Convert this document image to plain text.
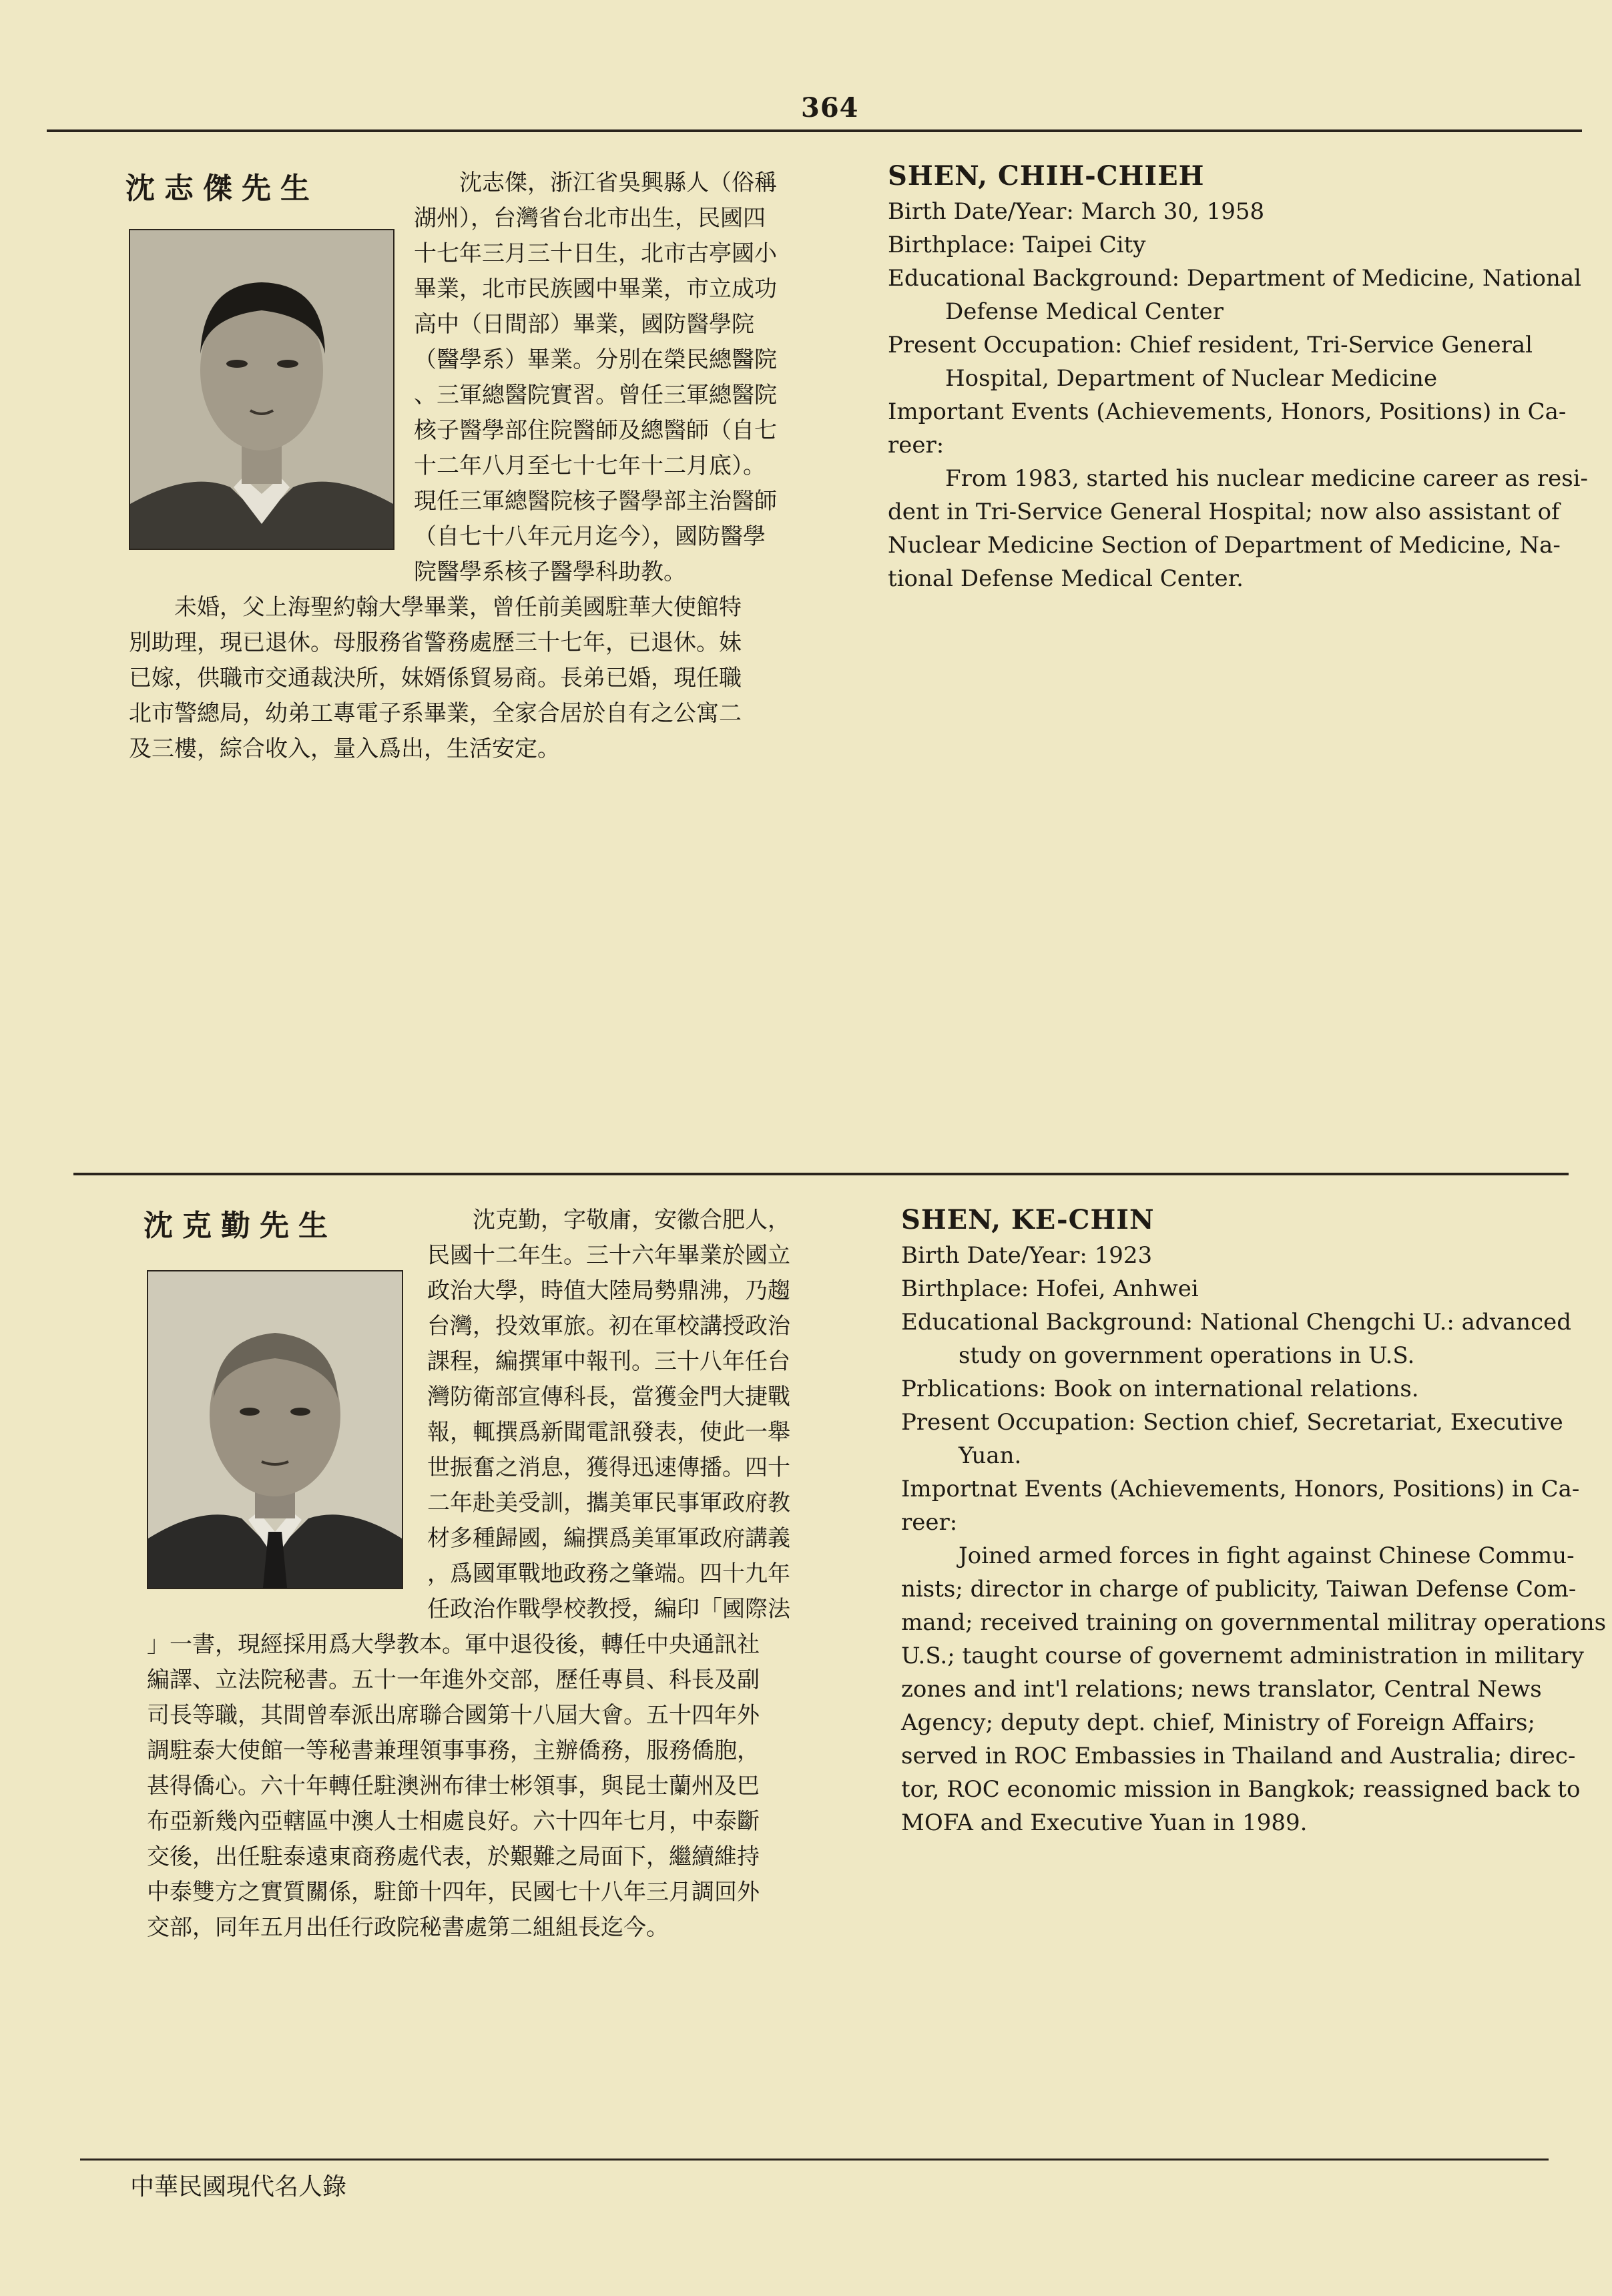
364
沈志傑先生	沈志傑，浙江省吳興縣人（俗稱
湖州），台灣省台北市出生，民國四
十七年三月三十日生，北市古亭國小
畢業，北市民族國中畢業，市立成功
高中（日間部）畢業，國防醫學院
（醫學系）畢業。分別在榮民總醫院
、三軍總醫院實習。曾任三軍總醫院
核子醫學部住院醫師及總醫師（自七
十二年八月至七十七年十二月底）。
現任三軍總醫院核子醫學部主治醫師
（自七十八年元月迄今），國防醫學
院醫學系核子醫學科助教。
未婚，父上海聖約翰大學畢業，曾任前美國駐華大使館特
別助理，現已退休。母服務省警務處歷三十七年，已退休。妹
已嫁，供職市交通裁決所，妹婿係貿易商。長弟已婚，現任職
北市警總局，幼弟工專電子系畢業，全家合居於自有之公寓二
及三樓，綜合收入，量入爲出，生活安定。
SHEN, CHIH-CHIEH
Birth Date/Year: March 30, 1958
Birthplace: Taipei City
Educational Background: Department of Medicine, National
Defense Medical Center
Present Occupation: Chief resident, Tri-Service General
Hospital, Department of Nuclear Medicine
Important Events (Achievements, Honors, Positions) in Ca-
reer:
From 1983, started his nuclear medicine career as resi-
dent in Tri-Service General Hospital; now also assistant of
Nuclear Medicine Section of Department of Medicine, Na-
tional Defense Medical Center.
沈克勤先生	沈克勤，字敬庸，安徽合肥人，
民國十二年生。三十六年畢業於國立
政治大學，時值大陸局勢鼎沸，乃趨
台灣，投效軍旅。初在軍校講授政治
課程，編撰軍中報刊。三十八年任台
灣防衛部宣傳科長，當獲金門大捷戰
報，輒撰爲新聞電訊發表，使此一舉
世振奮之消息，獲得迅速傳播。四十
二年赴美受訓，攜美軍民事軍政府教
材多種歸國，編撰爲美軍軍政府講義
，爲國軍戰地政務之肇端。四十九年
任政治作戰學校教授，編印「國際法
」一書，現經採用爲大學教本。軍中退役後，轉任中央通訊社
編譯、立法院秘書。五十一年進外交部，歷任專員、科長及副
司長等職，其間曾奉派出席聯合國第十八屆大會。五十四年外
調駐泰大使館一等秘書兼理領事事務，主辦僑務，服務僑胞，
甚得僑心。六十年轉任駐澳洲布律士彬領事，與昆士蘭州及巴
布亞新幾內亞轄區中澳人士相處良好。六十四年七月，中泰斷
交後，出任駐泰遠東商務處代表，於艱難之局面下，繼續維持
中泰雙方之實質關係，駐節十四年，民國七十八年三月調回外
交部，同年五月出任行政院秘書處第二組組長迄今。
SHEN, KE-CHIN
Birth Date/Year: 1923
Birthplace: Hofei, Anhwei
Educational Background: National Chengchi U.: advanced
study on government operations in U.S.
Prblications: Book on international relations.
Present Occupation: Section chief, Secretariat, Executive
Yuan.
Importnat Events (Achievements, Honors, Positions) in Ca-
reer:
Joined armed forces in fight against Chinese Commu-
nists; director in charge of publicity, Taiwan Defense Com-
mand; received training on governmental militray operations
U.S.; taught course of governemt administration in military
zones and int'l relations; news translator, Central News
Agency; deputy dept. chief, Ministry of Foreign Affairs;
served in ROC Embassies in Thailand and Australia; direc-
tor, ROC economic mission in Bangkok; reassigned back to
MOFA and Executive Yuan in 1989.
中華民國現代名人錄
